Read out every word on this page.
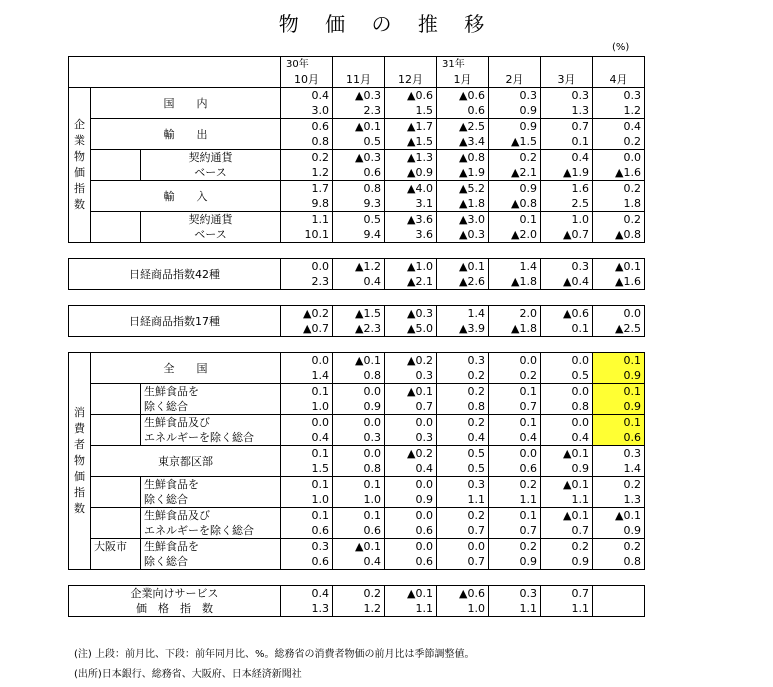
物 価 の 推 移
(%)
			30年			31年			
			10月	11月	12月	1月	2月	3月	4月
企業物価指数	国　　内		0.4	▲0.3	▲0.6	▲0.6	0.3	0.3	0.3
			3.0	2.3	1.5	0.6	0.9	1.3	1.2
	輸　　出		0.6	▲0.1	▲1.7	▲2.5	0.9	0.7	0.4
			0.8	0.5	▲1.5	▲3.4	▲1.5	0.1	0.2
		契約通貨	0.2	▲0.3	▲1.3	▲0.8	0.2	0.4	0.0
		ベース	1.2	0.6	▲0.9	▲1.9	▲2.1	▲1.9	▲1.6
	輸　　入		1.7	0.8	▲4.0	▲5.2	0.9	1.6	0.2
			9.8	9.3	3.1	▲1.8	▲0.8	2.5	1.8
		契約通貨	1.1	0.5	▲3.6	▲3.0	0.1	1.0	0.2
		ベース	10.1	9.4	3.6	▲0.3	▲2.0	▲0.7	▲0.8

日経商品指数42種			0.0	▲1.2	▲1.0	▲0.1	1.4	0.3	▲0.1
			2.3	0.4	▲2.1	▲2.6	▲1.8	▲0.4	▲1.6

日経商品指数17種			▲0.2	▲1.5	▲0.3	1.4	2.0	▲0.6	0.0
			▲0.7	▲2.3	▲5.0	▲3.9	▲1.8	0.1	▲2.5

消費者物価指数	全　　国		0.0	▲0.1	▲0.2	0.3	0.0	0.0	0.1
			1.4	0.8	0.3	0.2	0.2	0.5	0.9
		生鮮食品を	0.1	0.0	▲0.1	0.2	0.1	0.0	0.1
		除く総合	1.0	0.9	0.7	0.8	0.7	0.8	0.9
		生鮮食品及び	0.0	0.0	0.0	0.2	0.1	0.0	0.1
		エネルギーを除く総合	0.4	0.3	0.3	0.4	0.4	0.4	0.6
	東京都区部		0.1	0.0	▲0.2	0.5	0.0	▲0.1	0.3
			1.5	0.8	0.4	0.5	0.6	0.9	1.4
		生鮮食品を	0.1	0.1	0.0	0.3	0.2	▲0.1	0.2
		除く総合	1.0	1.0	0.9	1.1	1.1	1.1	1.3
		生鮮食品及び	0.1	0.1	0.0	0.2	0.1	▲0.1	▲0.1
		エネルギーを除く総合	0.6	0.6	0.6	0.7	0.7	0.7	0.9
	大阪市	生鮮食品を	0.3	▲0.1	0.0	0.0	0.2	0.2	0.2
		除く総合	0.6	0.4	0.6	0.7	0.9	0.9	0.8

企業向けサービス			0.4	0.2	▲0.1	▲0.6	0.3	0.7	
価　格　指　数			1.3	1.2	1.1	1.0	1.1	1.1	
(注) 上段：前月比、下段：前年同月比、%。総務省の消費者物価の前月比は季節調整値。
(出所)日本銀行、総務省、大阪府、日本経済新聞社
